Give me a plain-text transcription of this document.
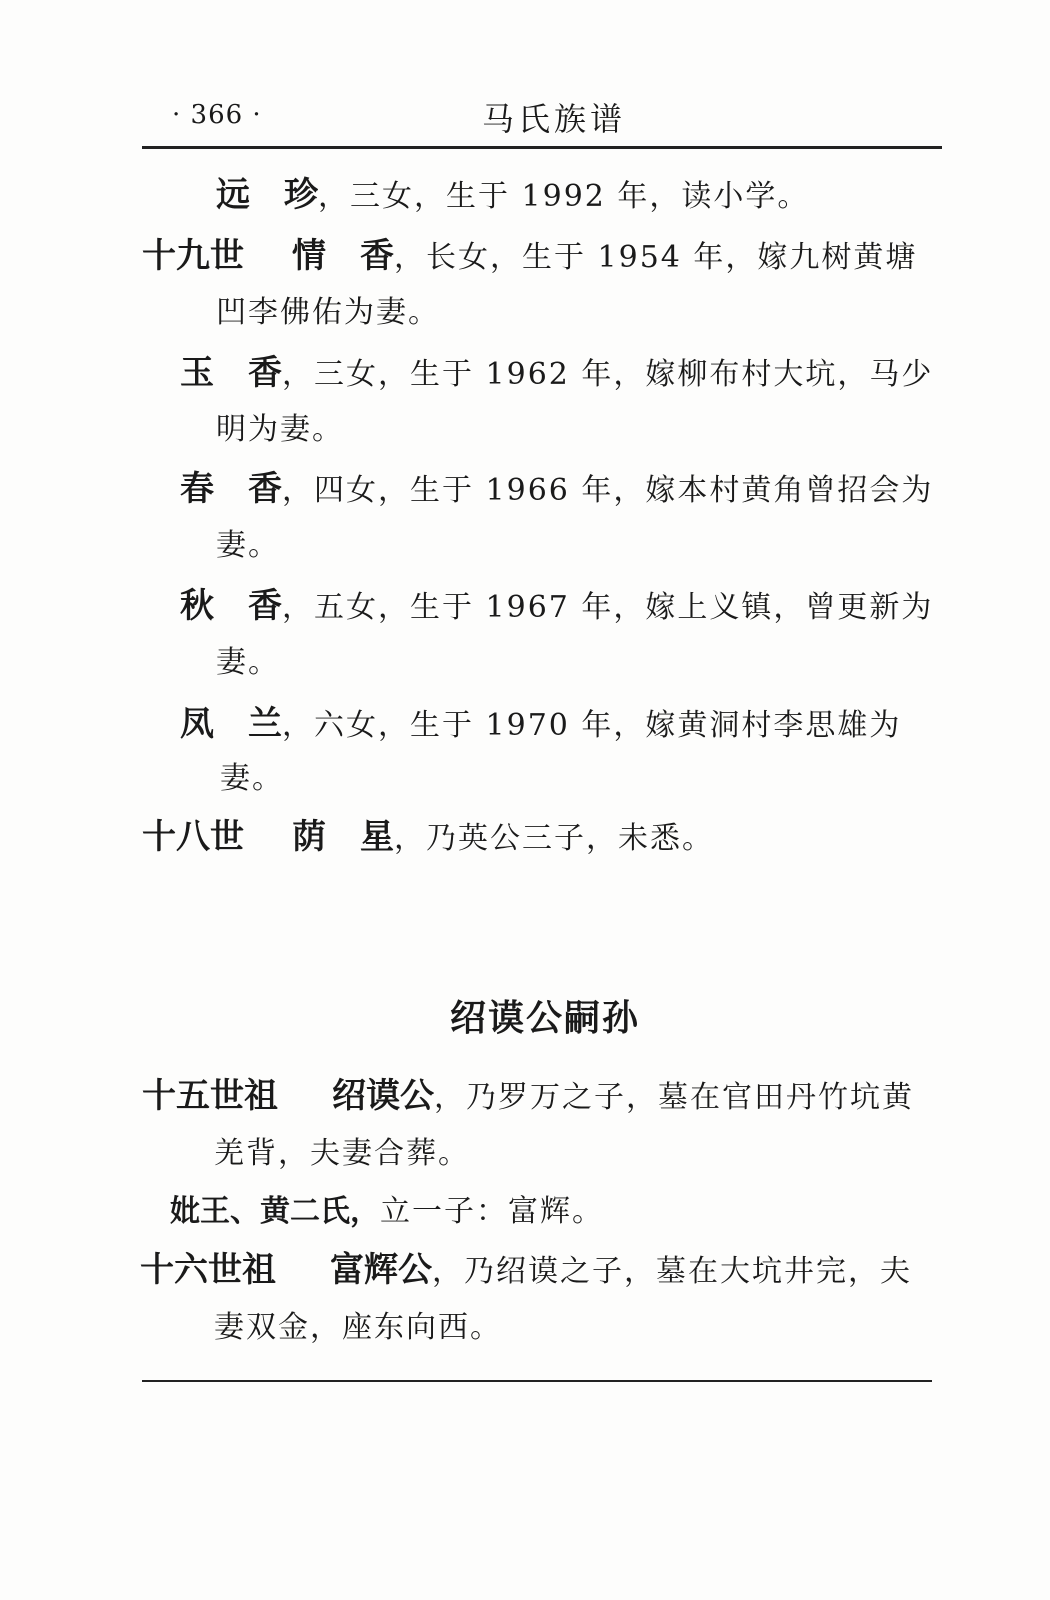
· 366 ·	马氏族谱
远　珍，三女，生于 1992 年，读小学。
十九世 情　香，长女，生于 1954 年，嫁九树黄塘
凹李佛佑为妻。
玉　香，三女，生于 1962 年，嫁柳布村大坑，马少
明为妻。
春　香，四女，生于 1966 年，嫁本村黄角曾招会为
妻。
秋　香，五女，生于 1967 年，嫁上义镇，曾更新为
妻。
凤　兰，六女，生于 1970 年，嫁黄洞村李思雄为
妻。
十八世 荫　星，乃英公三子，未悉。
绍谟公嗣孙
十五世祖 绍谟公，乃罗万之子，墓在官田丹竹坑黄
羌背，夫妻合葬。
妣王、黄二氏，立一子：富辉。
十六世祖 富辉公，乃绍谟之子，墓在大坑井完，夫
妻双金，座东向西。
